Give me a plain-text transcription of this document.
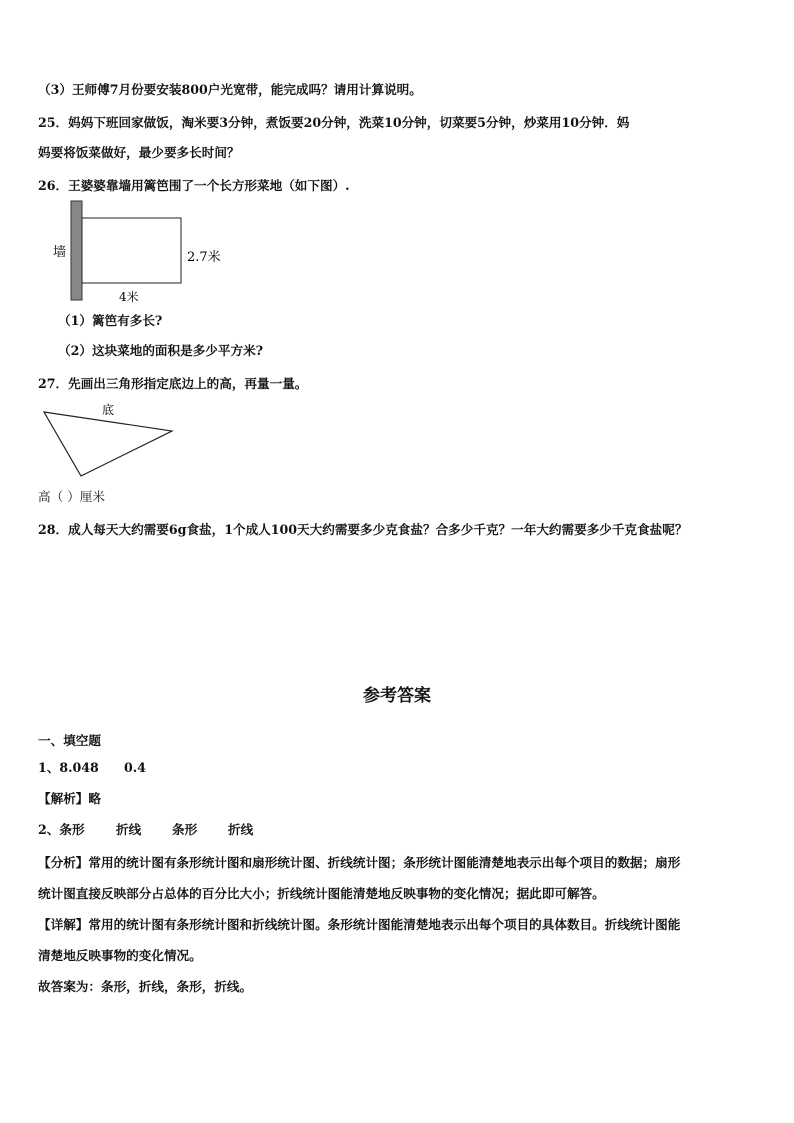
（3）王师傅7月份要安装800户光宽带，能完成吗？请用计算说明。
25．妈妈下班回家做饭，淘米要3分钟，煮饭要20分钟，洗菜10分钟，切菜要5分钟，炒菜用10分钟．妈
妈要将饭菜做好，最少要多长时间？
26．王婆婆靠墙用篱笆围了一个长方形菜地（如下图）.
墙	2.7米
4米
（1）篱笆有多长?
（2）这块菜地的面积是多少平方米?
27．先画出三角形指定底边上的高，再量一量。
底
高（ ）厘米
28．成人每天大约需要6g食盐，1个成人100天大约需要多少克食盐？合多少千克？一年大约需要多少千克食盐呢？
参考答案
一、填空题
1、8.048 0.4
【解析】略
2、条形 折线 条形 折线
【分析】常用的统计图有条形统计图和扇形统计图、折线统计图；条形统计图能清楚地表示出每个项目的数据；扇形
统计图直接反映部分占总体的百分比大小；折线统计图能清楚地反映事物的变化情况；据此即可解答。
【详解】常用的统计图有条形统计图和折线统计图。条形统计图能清楚地表示出每个项目的具体数目。折线统计图能
清楚地反映事物的变化情况。
故答案为：条形，折线，条形，折线。
